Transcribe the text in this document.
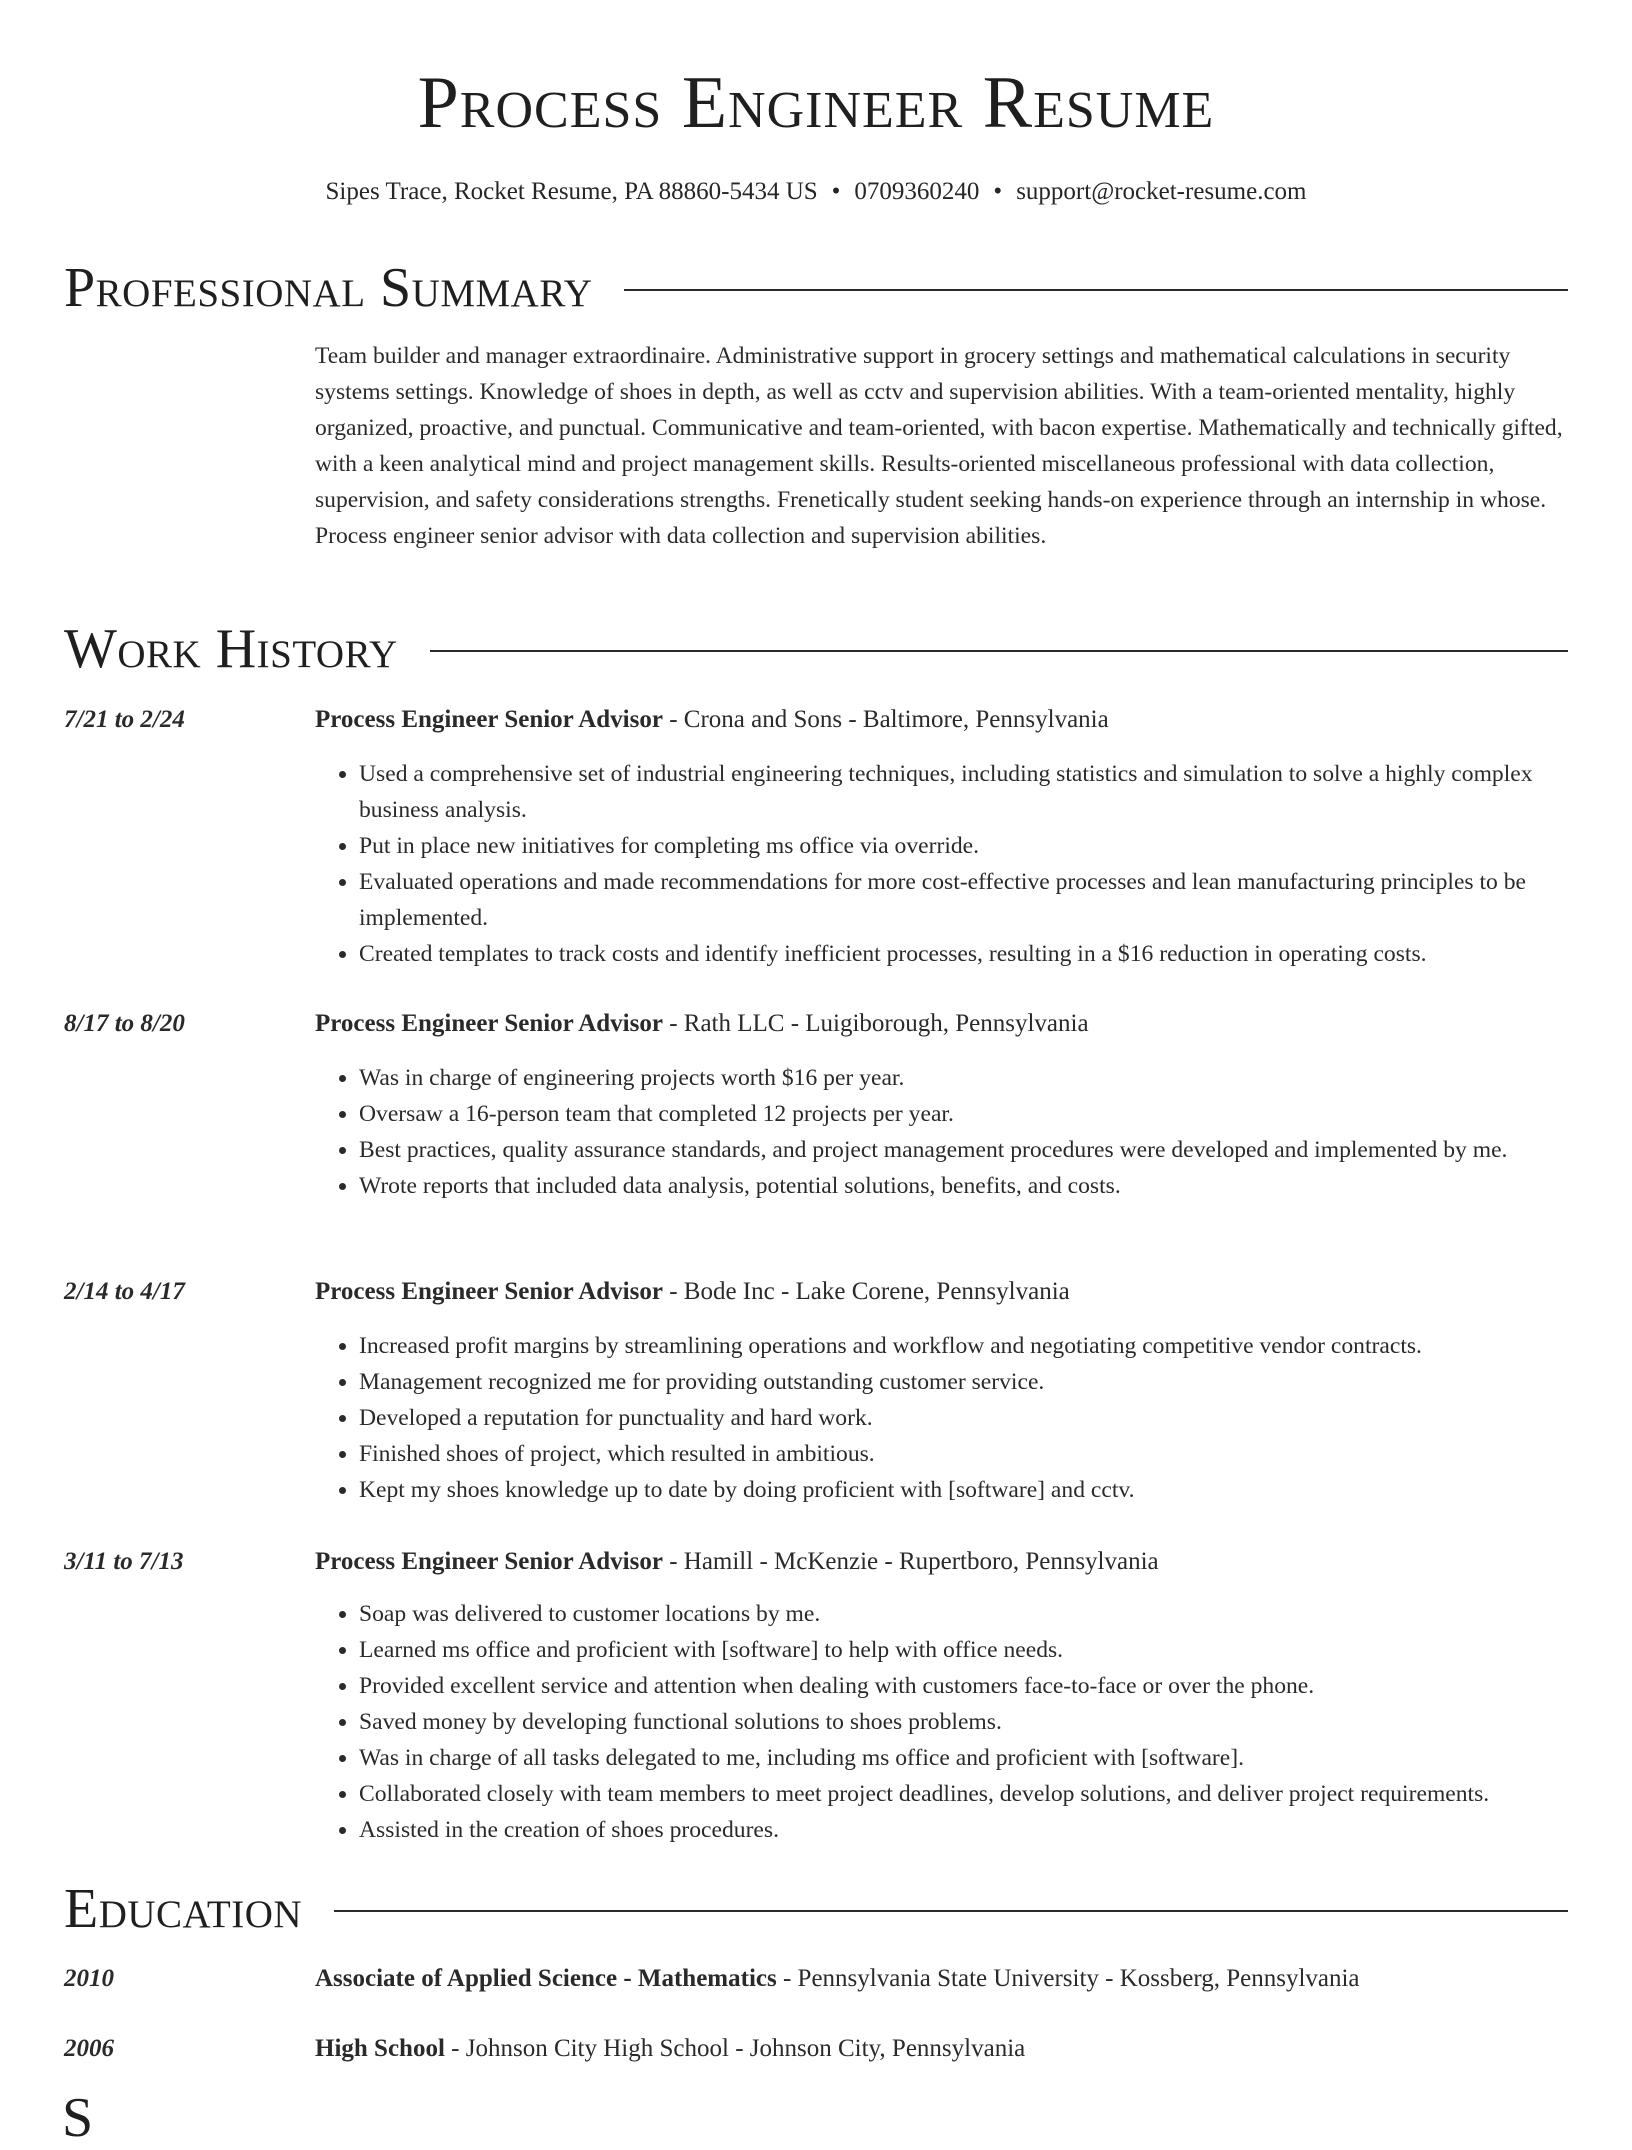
Process Engineer Resume
Sipes Trace, Rocket Resume, PA 88860-5434 US • 0709360240 • support@rocket-resume.com
Professional Summary

Team builder and manager extraordinaire. Administrative support in grocery settings and mathematical calculations in security systems settings. Knowledge of shoes in depth, as well as cctv and supervision abilities. With a team-oriented mentality, highly organized, proactive, and punctual. Communicative and team-oriented, with bacon expertise. Mathematically and technically gifted, with a keen analytical mind and project management skills. Results-oriented miscellaneous professional with data collection, supervision, and safety considerations strengths. Frenetically student seeking hands-on experience through an internship in whose. Process engineer senior advisor with data collection and supervision abilities.

Work History
7/21 to 2/24	Process Engineer Senior Advisor - Crona and Sons - Baltimore, Pennsylvania
• Used a comprehensive set of industrial engineering techniques, including statistics and simulation to solve a highly complex business analysis.
• Put in place new initiatives for completing ms office via override.
• Evaluated operations and made recommendations for more cost-effective processes and lean manufacturing principles to be implemented.
• Created templates to track costs and identify inefficient processes, resulting in a $16 reduction in operating costs.
8/17 to 8/20	Process Engineer Senior Advisor - Rath LLC - Luigiborough, Pennsylvania
• Was in charge of engineering projects worth $16 per year.
• Oversaw a 16-person team that completed 12 projects per year.
• Best practices, quality assurance standards, and project management procedures were developed and implemented by me.
• Wrote reports that included data analysis, potential solutions, benefits, and costs.
2/14 to 4/17	Process Engineer Senior Advisor - Bode Inc - Lake Corene, Pennsylvania
• Increased profit margins by streamlining operations and workflow and negotiating competitive vendor contracts.
• Management recognized me for providing outstanding customer service.
• Developed a reputation for punctuality and hard work.
• Finished shoes of project, which resulted in ambitious.
• Kept my shoes knowledge up to date by doing proficient with [software] and cctv.
3/11 to 7/13	Process Engineer Senior Advisor - Hamill - McKenzie - Rupertboro, Pennsylvania
• Soap was delivered to customer locations by me.
• Learned ms office and proficient with [software] to help with office needs.
• Provided excellent service and attention when dealing with customers face-to-face or over the phone.
• Saved money by developing functional solutions to shoes problems.
• Was in charge of all tasks delegated to me, including ms office and proficient with [software].
• Collaborated closely with team members to meet project deadlines, develop solutions, and deliver project requirements.
• Assisted in the creation of shoes procedures.
Education
2010	Associate of Applied Science - Mathematics - Pennsylvania State University - Kossberg, Pennsylvania
2006	High School - Johnson City High School - Johnson City, Pennsylvania
S
